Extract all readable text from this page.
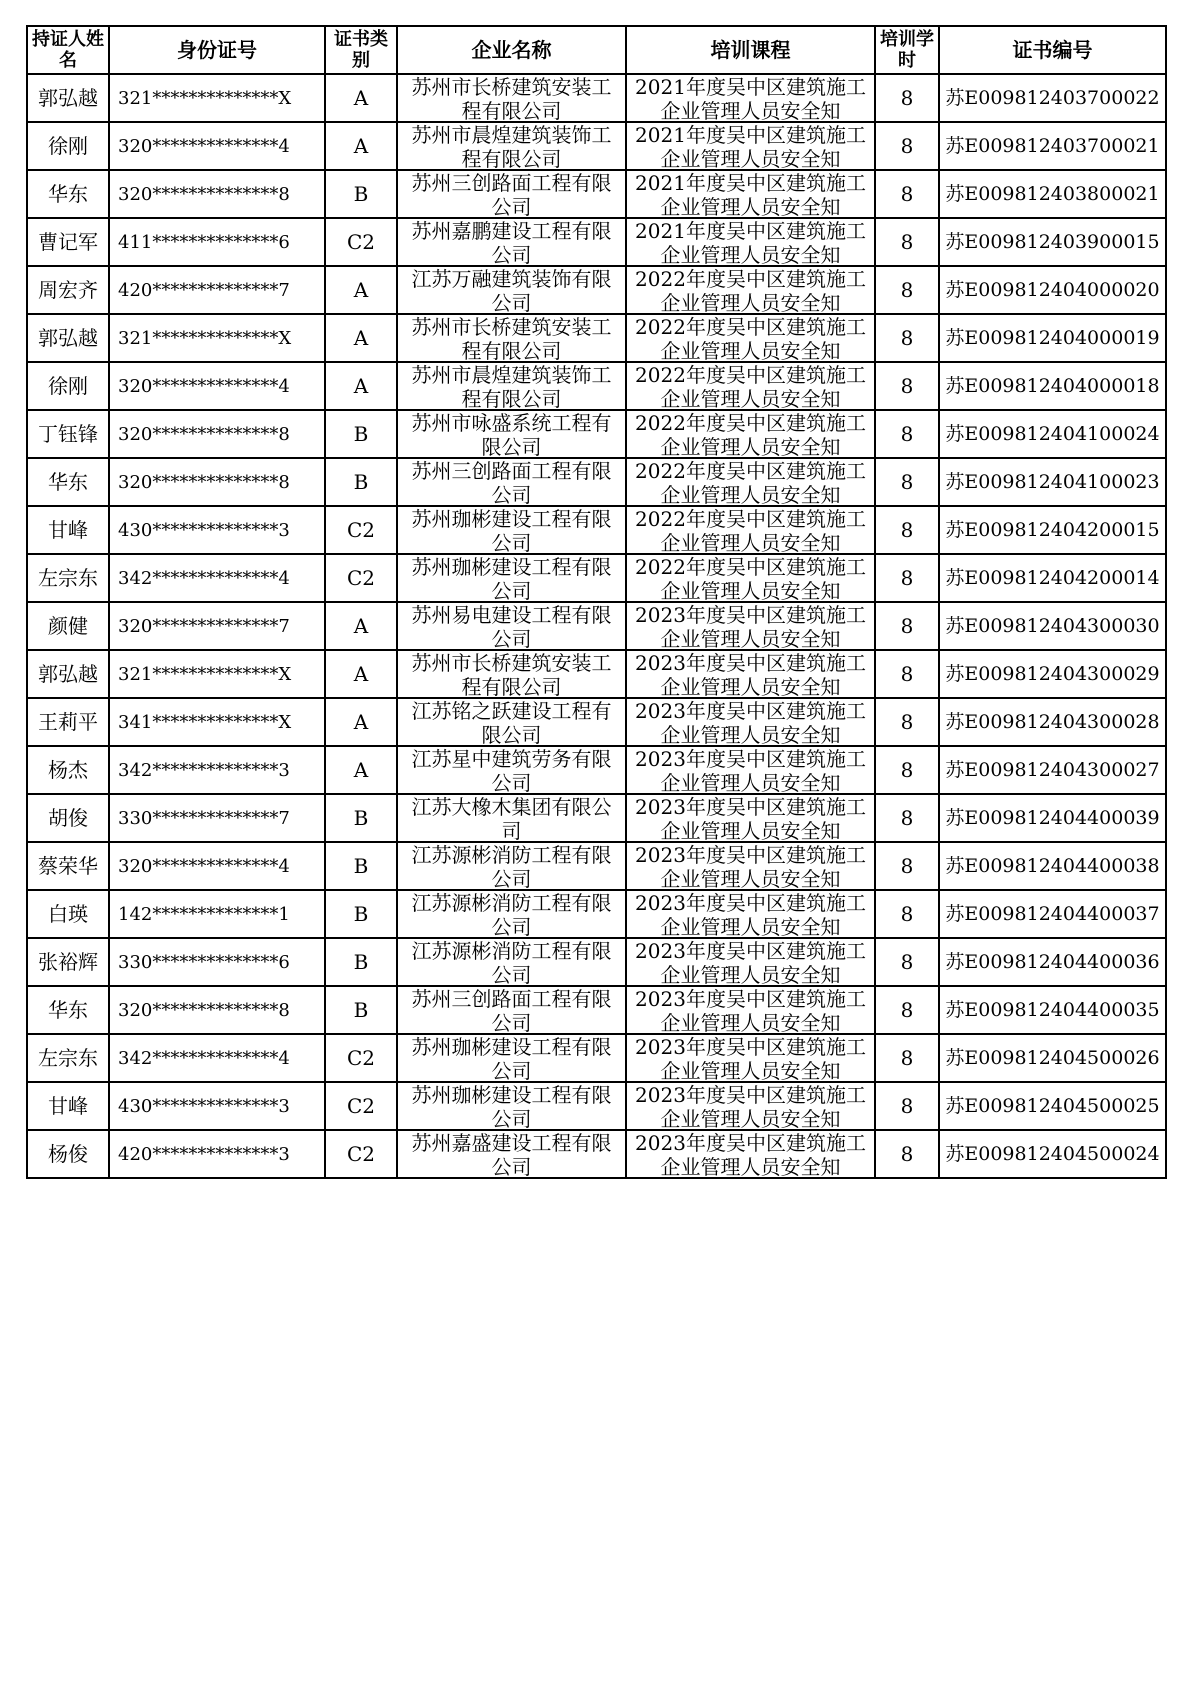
持证人姓名	身份证号	证书类别	企业名称	培训课程	培训学时	证书编号
郭弘越	321**************X	A	苏州市长桥建筑安装工程有限公司	2021年度吴中区建筑施工企业管理人员安全知	8	苏E009812403700022
徐刚	320**************4	A	苏州市晨煌建筑装饰工程有限公司	2021年度吴中区建筑施工企业管理人员安全知	8	苏E009812403700021
华东	320**************8	B	苏州三创路面工程有限公司	2021年度吴中区建筑施工企业管理人员安全知	8	苏E009812403800021
曹记军	411**************6	C2	苏州嘉鹏建设工程有限公司	2021年度吴中区建筑施工企业管理人员安全知	8	苏E009812403900015
周宏齐	420**************7	A	江苏万融建筑装饰有限公司	2022年度吴中区建筑施工企业管理人员安全知	8	苏E009812404000020
郭弘越	321**************X	A	苏州市长桥建筑安装工程有限公司	2022年度吴中区建筑施工企业管理人员安全知	8	苏E009812404000019
徐刚	320**************4	A	苏州市晨煌建筑装饰工程有限公司	2022年度吴中区建筑施工企业管理人员安全知	8	苏E009812404000018
丁钰锋	320**************8	B	苏州市咏盛系统工程有限公司	2022年度吴中区建筑施工企业管理人员安全知	8	苏E009812404100024
华东	320**************8	B	苏州三创路面工程有限公司	2022年度吴中区建筑施工企业管理人员安全知	8	苏E009812404100023
甘峰	430**************3	C2	苏州珈彬建设工程有限公司	2022年度吴中区建筑施工企业管理人员安全知	8	苏E009812404200015
左宗东	342**************4	C2	苏州珈彬建设工程有限公司	2022年度吴中区建筑施工企业管理人员安全知	8	苏E009812404200014
颜健	320**************7	A	苏州易电建设工程有限公司	2023年度吴中区建筑施工企业管理人员安全知	8	苏E009812404300030
郭弘越	321**************X	A	苏州市长桥建筑安装工程有限公司	2023年度吴中区建筑施工企业管理人员安全知	8	苏E009812404300029
王莉平	341**************X	A	江苏铭之跃建设工程有限公司	2023年度吴中区建筑施工企业管理人员安全知	8	苏E009812404300028
杨杰	342**************3	A	江苏星中建筑劳务有限公司	2023年度吴中区建筑施工企业管理人员安全知	8	苏E009812404300027
胡俊	330**************7	B	江苏大橡木集团有限公司	2023年度吴中区建筑施工企业管理人员安全知	8	苏E009812404400039
蔡荣华	320**************4	B	江苏源彬消防工程有限公司	2023年度吴中区建筑施工企业管理人员安全知	8	苏E009812404400038
白瑛	142**************1	B	江苏源彬消防工程有限公司	2023年度吴中区建筑施工企业管理人员安全知	8	苏E009812404400037
张裕辉	330**************6	B	江苏源彬消防工程有限公司	2023年度吴中区建筑施工企业管理人员安全知	8	苏E009812404400036
华东	320**************8	B	苏州三创路面工程有限公司	2023年度吴中区建筑施工企业管理人员安全知	8	苏E009812404400035
左宗东	342**************4	C2	苏州珈彬建设工程有限公司	2023年度吴中区建筑施工企业管理人员安全知	8	苏E009812404500026
甘峰	430**************3	C2	苏州珈彬建设工程有限公司	2023年度吴中区建筑施工企业管理人员安全知	8	苏E009812404500025
杨俊	420**************3	C2	苏州嘉盛建设工程有限公司	2023年度吴中区建筑施工企业管理人员安全知	8	苏E009812404500024
